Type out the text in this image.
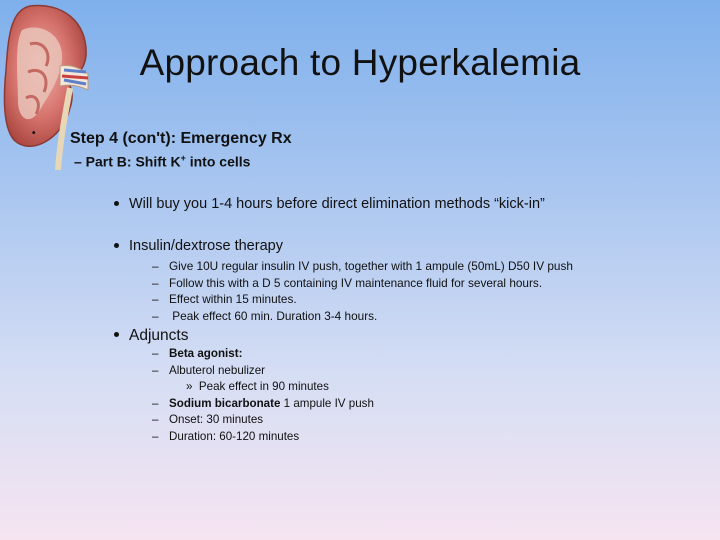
Approach to Hyperkalemia
• Step 4 (con't): Emergency Rx
– Part B: Shift K+ into cells
Will buy you 1-4 hours before direct elimination methods “kick-in”
Insulin/dextrose therapy
– Give 10U regular insulin IV push, together with 1 ampule (50mL) D50 IV push
– Follow this with a D 5 containing IV maintenance fluid for several hours.
– Effect within 15 minutes.
– Peak effect 60 min. Duration 3-4 hours.
Adjuncts
– Beta agonist:
– Albuterol nebulizer
» Peak effect in 90 minutes
– Sodium bicarbonate 1 ampule IV push
– Onset: 30 minutes
– Duration: 60-120 minutes
